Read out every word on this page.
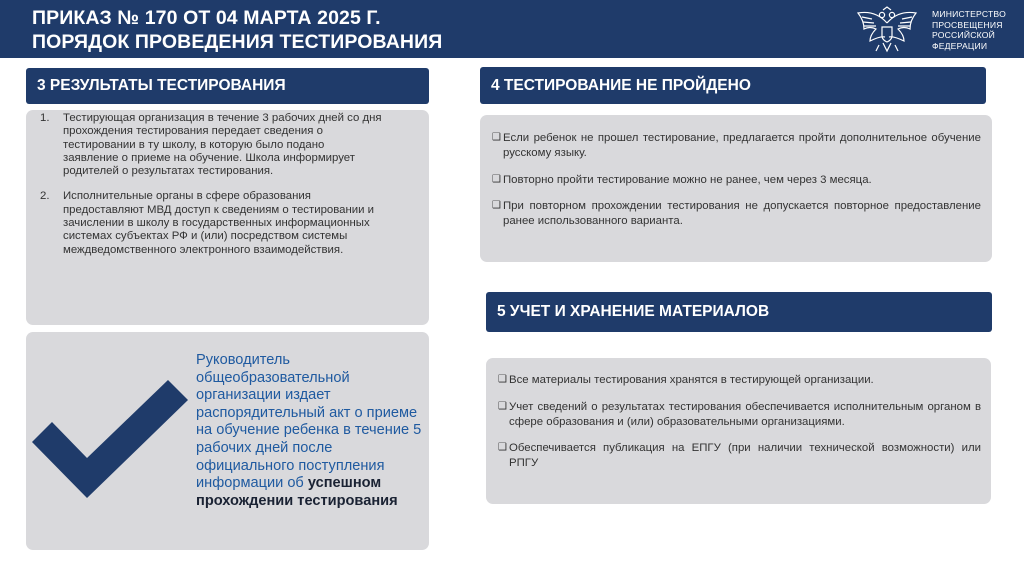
ПРИКАЗ № 170 ОТ 04 МАРТА 2025 Г.
ПОРЯДОК ПРОВЕДЕНИЯ ТЕСТИРОВАНИЯ
МИНИСТЕРСТВО
ПРОСВЕЩЕНИЯ
РОССИЙСКОЙ
ФЕДЕРАЦИИ
3 РЕЗУЛЬТАТЫ ТЕСТИРОВАНИЯ
1. Тестирующая организация в течение 3 рабочих дней со дня прохождения тестирования передает сведения о тестировании в ту школу, в которую было подано заявление о приеме на обучение. Школа информирует родителей о результатах тестирования.
2. Исполнительные органы в сфере образования предоставляют МВД доступ к сведениям о тестировании и зачислении в школу в государственных информационных системах субъектах РФ и (или) посредством системы междведомственного электронного взаимодействия.
Руководитель общеобразовательной организации издает распорядительный акт о приеме на обучение ребенка в течение 5 рабочих дней после официального поступления информации об успешном прохождении тестирования
4 ТЕСТИРОВАНИЕ НЕ ПРОЙДЕНО
❑ Если ребенок не прошел тестирование, предлагается пройти дополнительное обучение русскому языку.
❑ Повторно пройти тестирование можно не ранее, чем через 3 месяца.
❑ При повторном прохождении тестирования не допускается повторное предоставление ранее использованного варианта.
5 УЧЕТ И ХРАНЕНИЕ МАТЕРИАЛОВ
❑ Все материалы тестирования хранятся в тестирующей организации.
❑ Учет сведений о результатах тестирования обеспечивается исполнительным органом в сфере образования и (или) образовательными организациями.
❑ Обеспечивается публикация на ЕПГУ (при наличии технической возможности) или РПГУ
